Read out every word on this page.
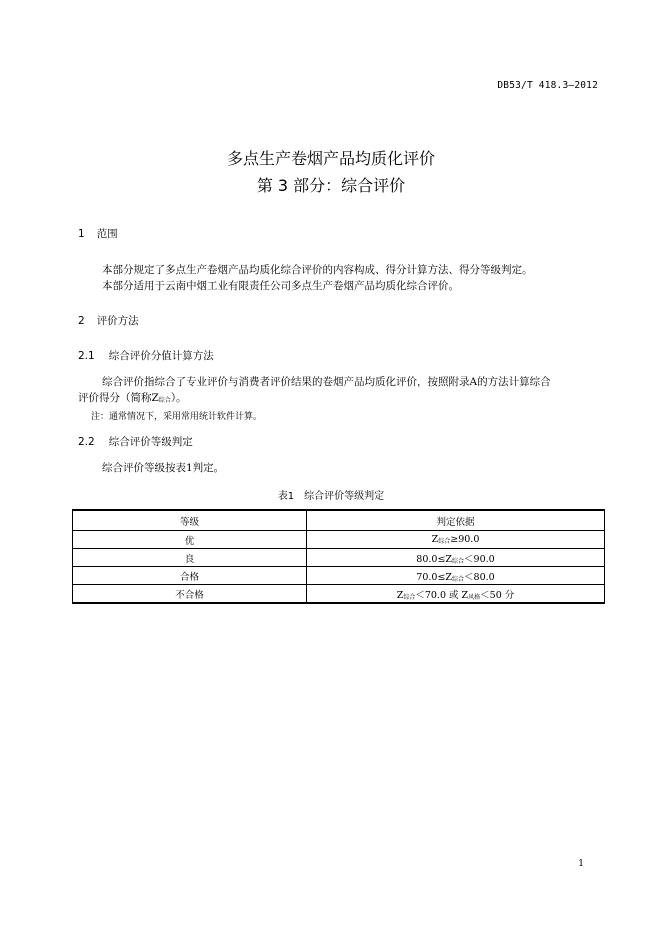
DB53/T 418.3—2012
多点生产卷烟产品均质化评价
第 3 部分：综合评价
1 范围
本部分规定了多点生产卷烟产品均质化综合评价的内容构成、得分计算方法、得分等级判定。
本部分适用于云南中烟工业有限责任公司多点生产卷烟产品均质化综合评价。
2 评价方法
2.1 综合评价分值计算方法
综合评价指综合了专业评价与消费者评价结果的卷烟产品均质化评价，按照附录A的方法计算综合
评价得分（简称Z综合）。
注：通常情况下，采用常用统计软件计算。
2.2 综合评价等级判定
综合评价等级按表1判定。
表1　综合评价等级判定
等级	判定依据
优	Z综合≥90.0
良	80.0≤Z综合＜90.0
合格	70.0≤Z综合＜80.0
不合格	Z综合＜70.0 或 Z风格＜50 分
1
